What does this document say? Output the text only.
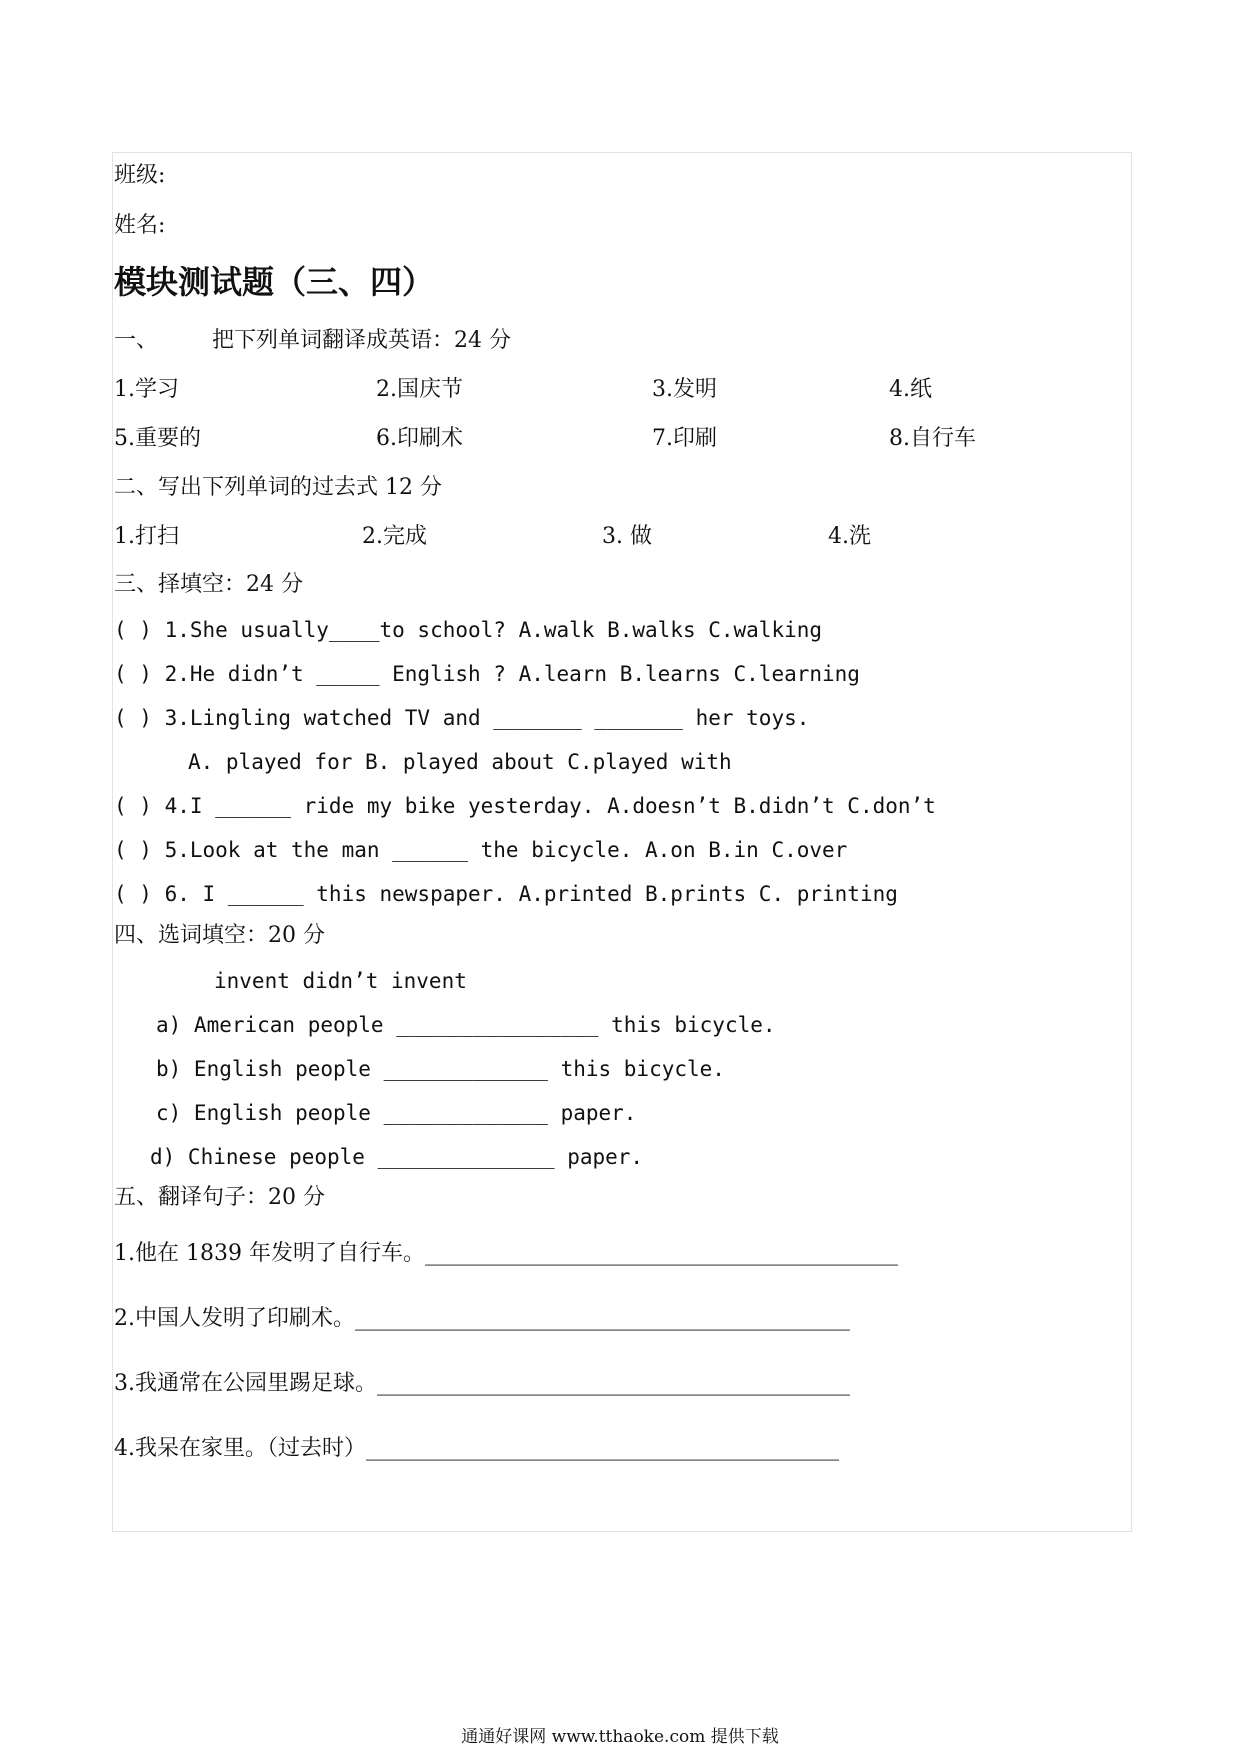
班级:
姓名:
模块测试题（三、四）
一、 把下列单词翻译成英语：24 分
1.学习	2.国庆节	3.发明	4.纸
5.重要的	6.印刷术	7.印刷	8.自行车
二、写出下列单词的过去式 12 分
1.打扫	2.完成	3. 做	4.洗
三、择填空：24 分
( ) 1.She usually____to school? A.walk B.walks C.walking
( ) 2.He didn’t _____ English ? A.learn B.learns C.learning
( ) 3.Lingling watched TV and _______ _______ her toys.
A. played for B. played about C.played with
( ) 4.I ______ ride my bike yesterday. A.doesn’t B.didn’t C.don’t
( ) 5.Look at the man ______ the bicycle. A.on B.in C.over
( ) 6. I ______ this newspaper. A.printed B.prints C. printing
四、选词填空：20 分
invent didn’t invent
a) American people ________________ this bicycle.
b) English people _____________ this bicycle.
c) English people _____________ paper.
d) Chinese people ______________ paper.
五、翻译句子：20 分
1.他在 1839 年发明了自行车。___________________________________________
2.中国人发明了印刷术。_____________________________________________
3.我通常在公园里踢足球。___________________________________________
4.我呆在家里。（过去时）___________________________________________
通通好课网 www.tthaoke.com 提供下载
